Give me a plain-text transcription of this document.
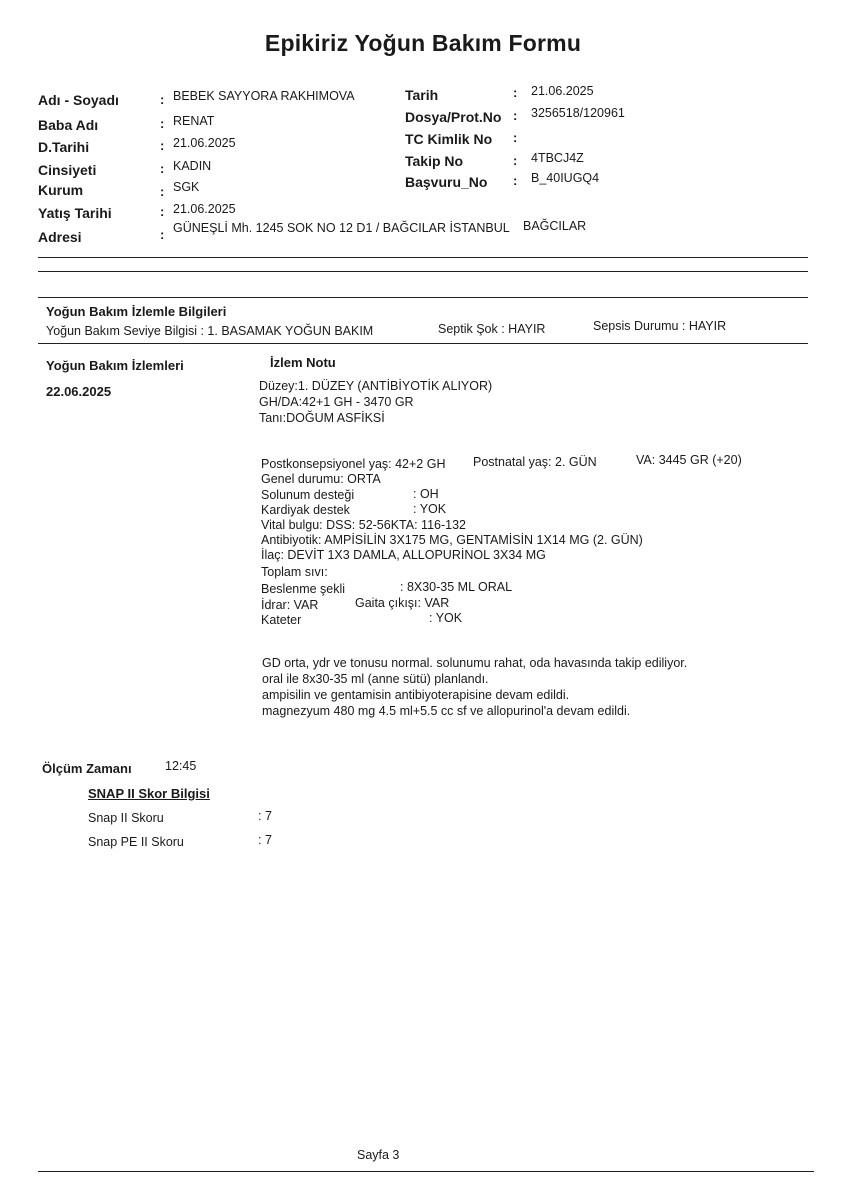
Epikiriz Yoğun Bakım Formu
Adı - Soyadı	: BEBEK SAYYORA RAKHIMOVA
Baba Adı	: RENAT
D.Tarihi	: 21.06.2025
Cinsiyeti	: KADIN
Kurum	: SGK
Yatış Tarihi	: 21.06.2025
Adresi	: GÜNEŞLİ Mh. 1245 SOK NO 12 D1 / BAĞCILAR İSTANBUL BAĞCILAR
Tarih	: 21.06.2025
Dosya/Prot.No : 3256518/120961
TC Kimlik No :
Takip No	: 4TBCJ4Z
Başvuru_No : B_40IUGQ4
Yoğun Bakım İzlemle Bilgileri
Yoğun Bakım Seviye Bilgisi : 1. BASAMAK YOĞUN BAKIM	Septik Şok : HAYIR	Sepsis Durumu : HAYIR
Yoğun Bakım İzlemleri	İzlem Notu
22.06.2025	Düzey:1. DÜZEY (ANTİBİYOTİK ALIYOR)
GH/DA:42+1 GH - 3470 GR
Tanı:DOĞUM ASFİKSİ
Postkonsepsiyonel yaş: 42+2 GH Postnatal yaş: 2. GÜN	VA: 3445 GR (+20)
Genel durumu: ORTA
Solunum desteği	: OH
Kardiyak destek	: YOK
Vital bulgu: DSS: 52-56KTA: 116-132
Antibiyotik: AMPİSİLİN 3X175 MG, GENTAMİSİN 1X14 MG (2. GÜN)
İlaç: DEVİT 1X3 DAMLA, ALLOPURİNOL 3X34 MG
Toplam sıvı:
Beslenme şekli	: 8X30-35 ML ORAL
İdrar: VAR	Gaita çıkışı: VAR
Kateter	: YOK
GD orta, ydr ve tonusu normal. solunumu rahat, oda havasında takip ediliyor.
oral ile 8x30-35 ml (anne sütü) planlandı.
ampisilin ve gentamisin antibiyoterapisine devam edildi.
magnezyum 480 mg 4.5 ml+5.5 cc sf ve allopurinol'a devam edildi.
Ölçüm Zamanı	12:45
SNAP II Skor Bilgisi
Snap II Skoru	: 7
Snap PE II Skoru	: 7
Sayfa 3
